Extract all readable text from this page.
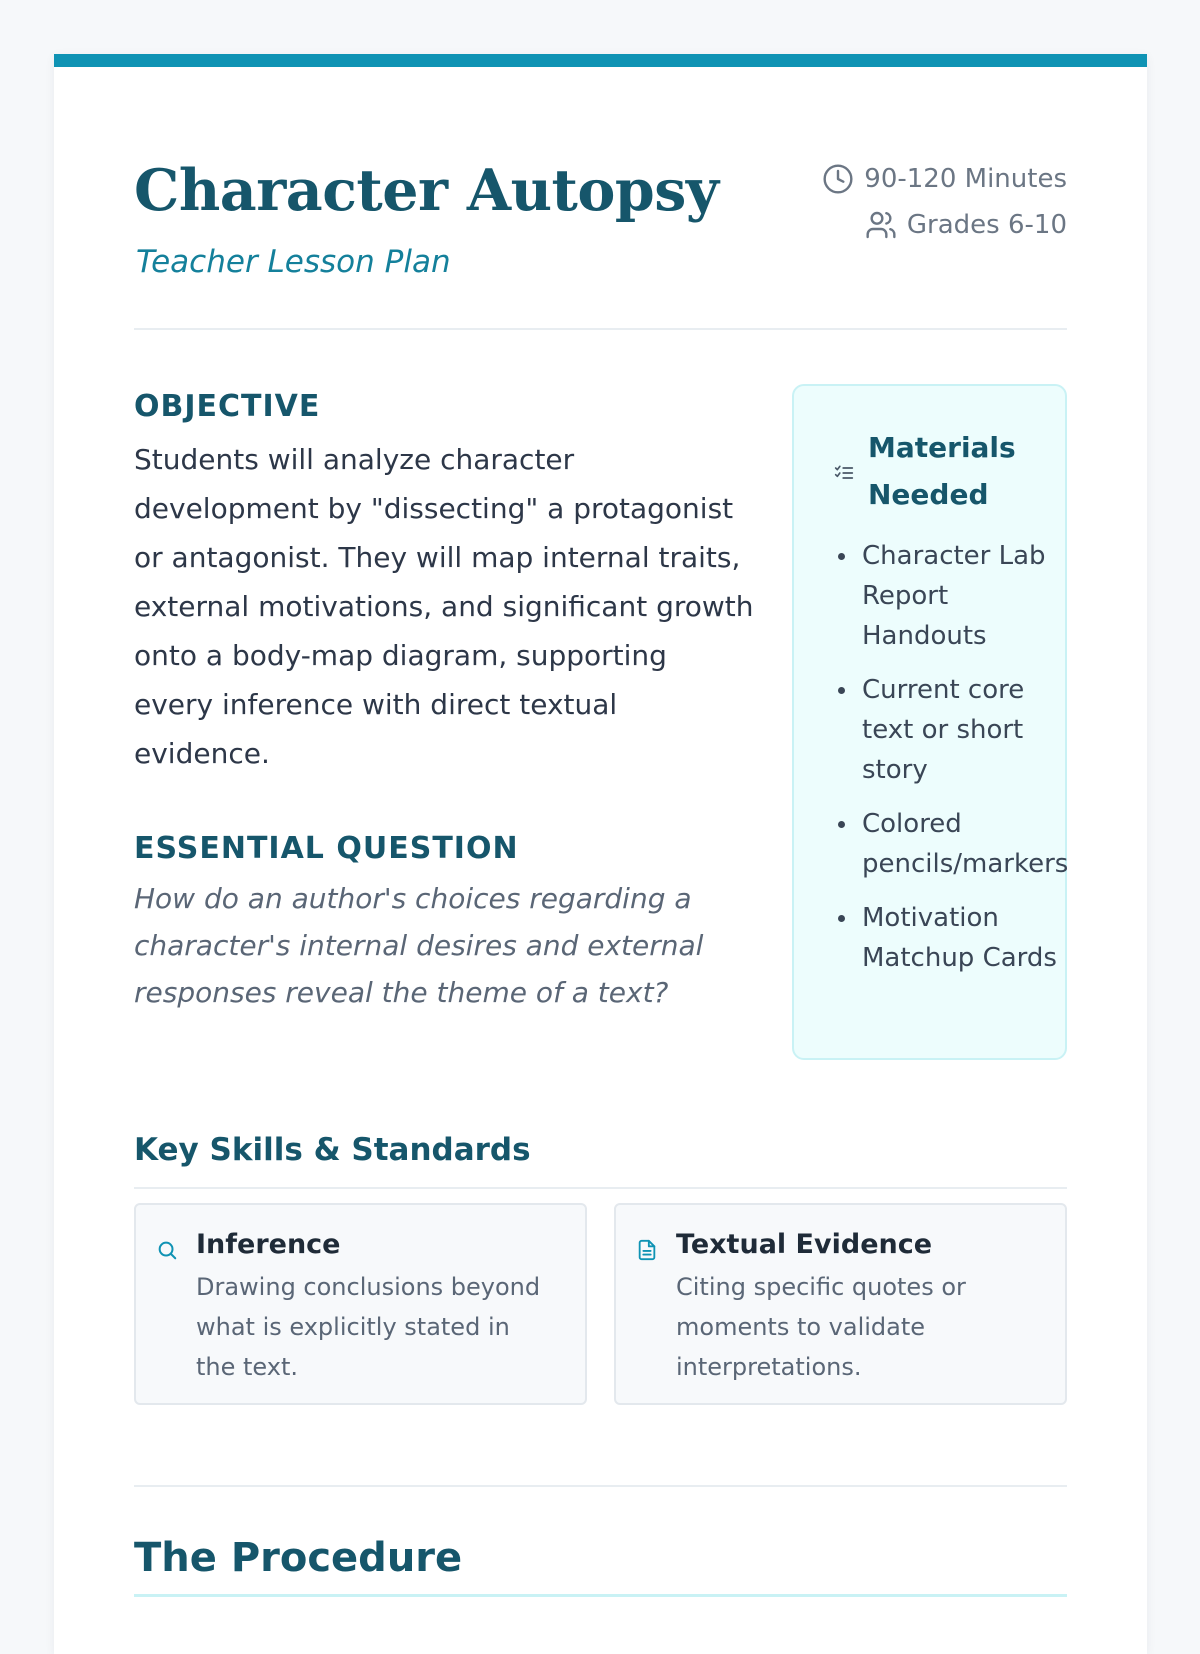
Character Autopsy
Teacher Lesson Plan
90-120 Minutes
Grades 6-10
OBJECTIVE

Students will analyze character development by "dissecting" a protagonist or antagonist. They will map internal traits, external motivations, and significant growth onto a body-map diagram, supporting every inference with direct textual evidence.

ESSENTIAL QUESTION

How do an author's choices regarding a character's internal desires and external responses reveal the theme of a text?

Materials Needed
Character Lab Report Handouts
Current core text or short story
Colored pencils/markers
Motivation Matchup Cards
Key Skills & Standards
Inference
Drawing conclusions beyond what is explicitly stated in the text.
Textual Evidence
Citing specific quotes or moments to validate interpretations.
The Procedure
